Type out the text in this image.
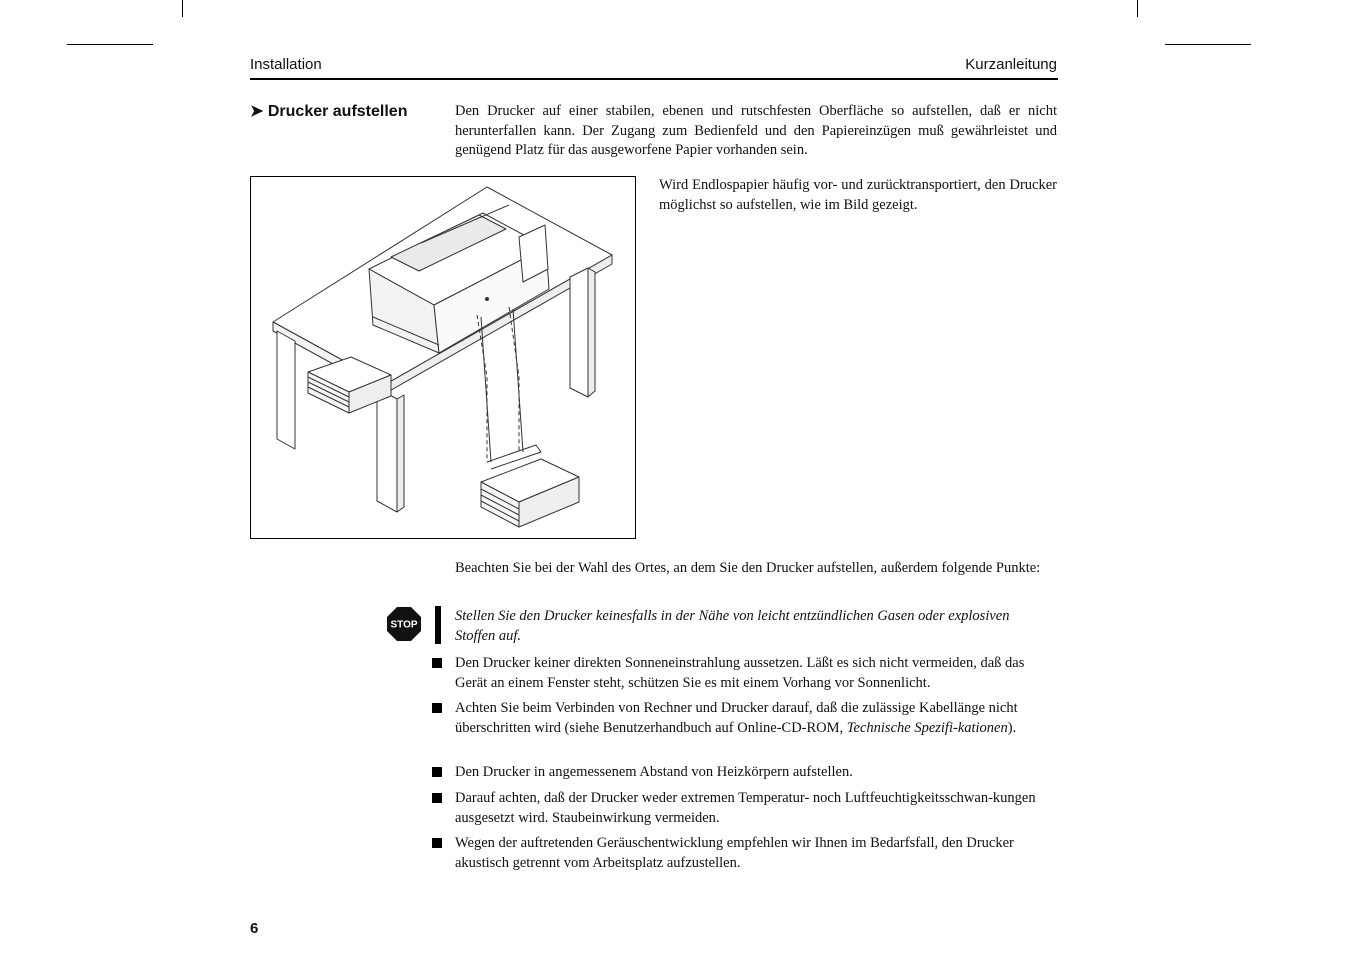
Installation	Kurzanleitung
➤ Drucker aufstellen	Den Drucker auf einer stabilen, ebenen und rutschfesten Oberfläche so aufstellen, daß er nicht herunterfallen kann. Der Zugang zum Bedienfeld und den Papiereinzügen muß gewährleistet und genügend Platz für das ausgeworfene Papier vorhanden sein.
Wird Endlospapier häufig vor- und zurücktransportiert, den Drucker möglichst so aufstellen, wie im Bild gezeigt.
Beachten Sie bei der Wahl des Ortes, an dem Sie den Drucker aufstellen, außerdem folgende Punkte:
STOP
Stellen Sie den Drucker keinesfalls in der Nähe von leicht entzündlichen Gasen oder explosiven Stoffen auf.
Den Drucker keiner direkten Sonneneinstrahlung aussetzen. Läßt es sich nicht vermeiden, daß das Gerät an einem Fenster steht, schützen Sie es mit einem Vorhang vor Sonnenlicht.
Achten Sie beim Verbinden von Rechner und Drucker darauf, daß die zulässige Kabellänge nicht überschritten wird (siehe Benutzerhandbuch auf Online-CD-ROM, Technische Spezifi-kationen).
Den Drucker in angemessenem Abstand von Heizkörpern aufstellen.
Darauf achten, daß der Drucker weder extremen Temperatur- noch Luftfeuchtigkeitsschwan-kungen ausgesetzt wird. Staubeinwirkung vermeiden.
Wegen der auftretenden Geräuschentwicklung empfehlen wir Ihnen im Bedarfsfall, den Drucker akustisch getrennt vom Arbeitsplatz aufzustellen.
6
